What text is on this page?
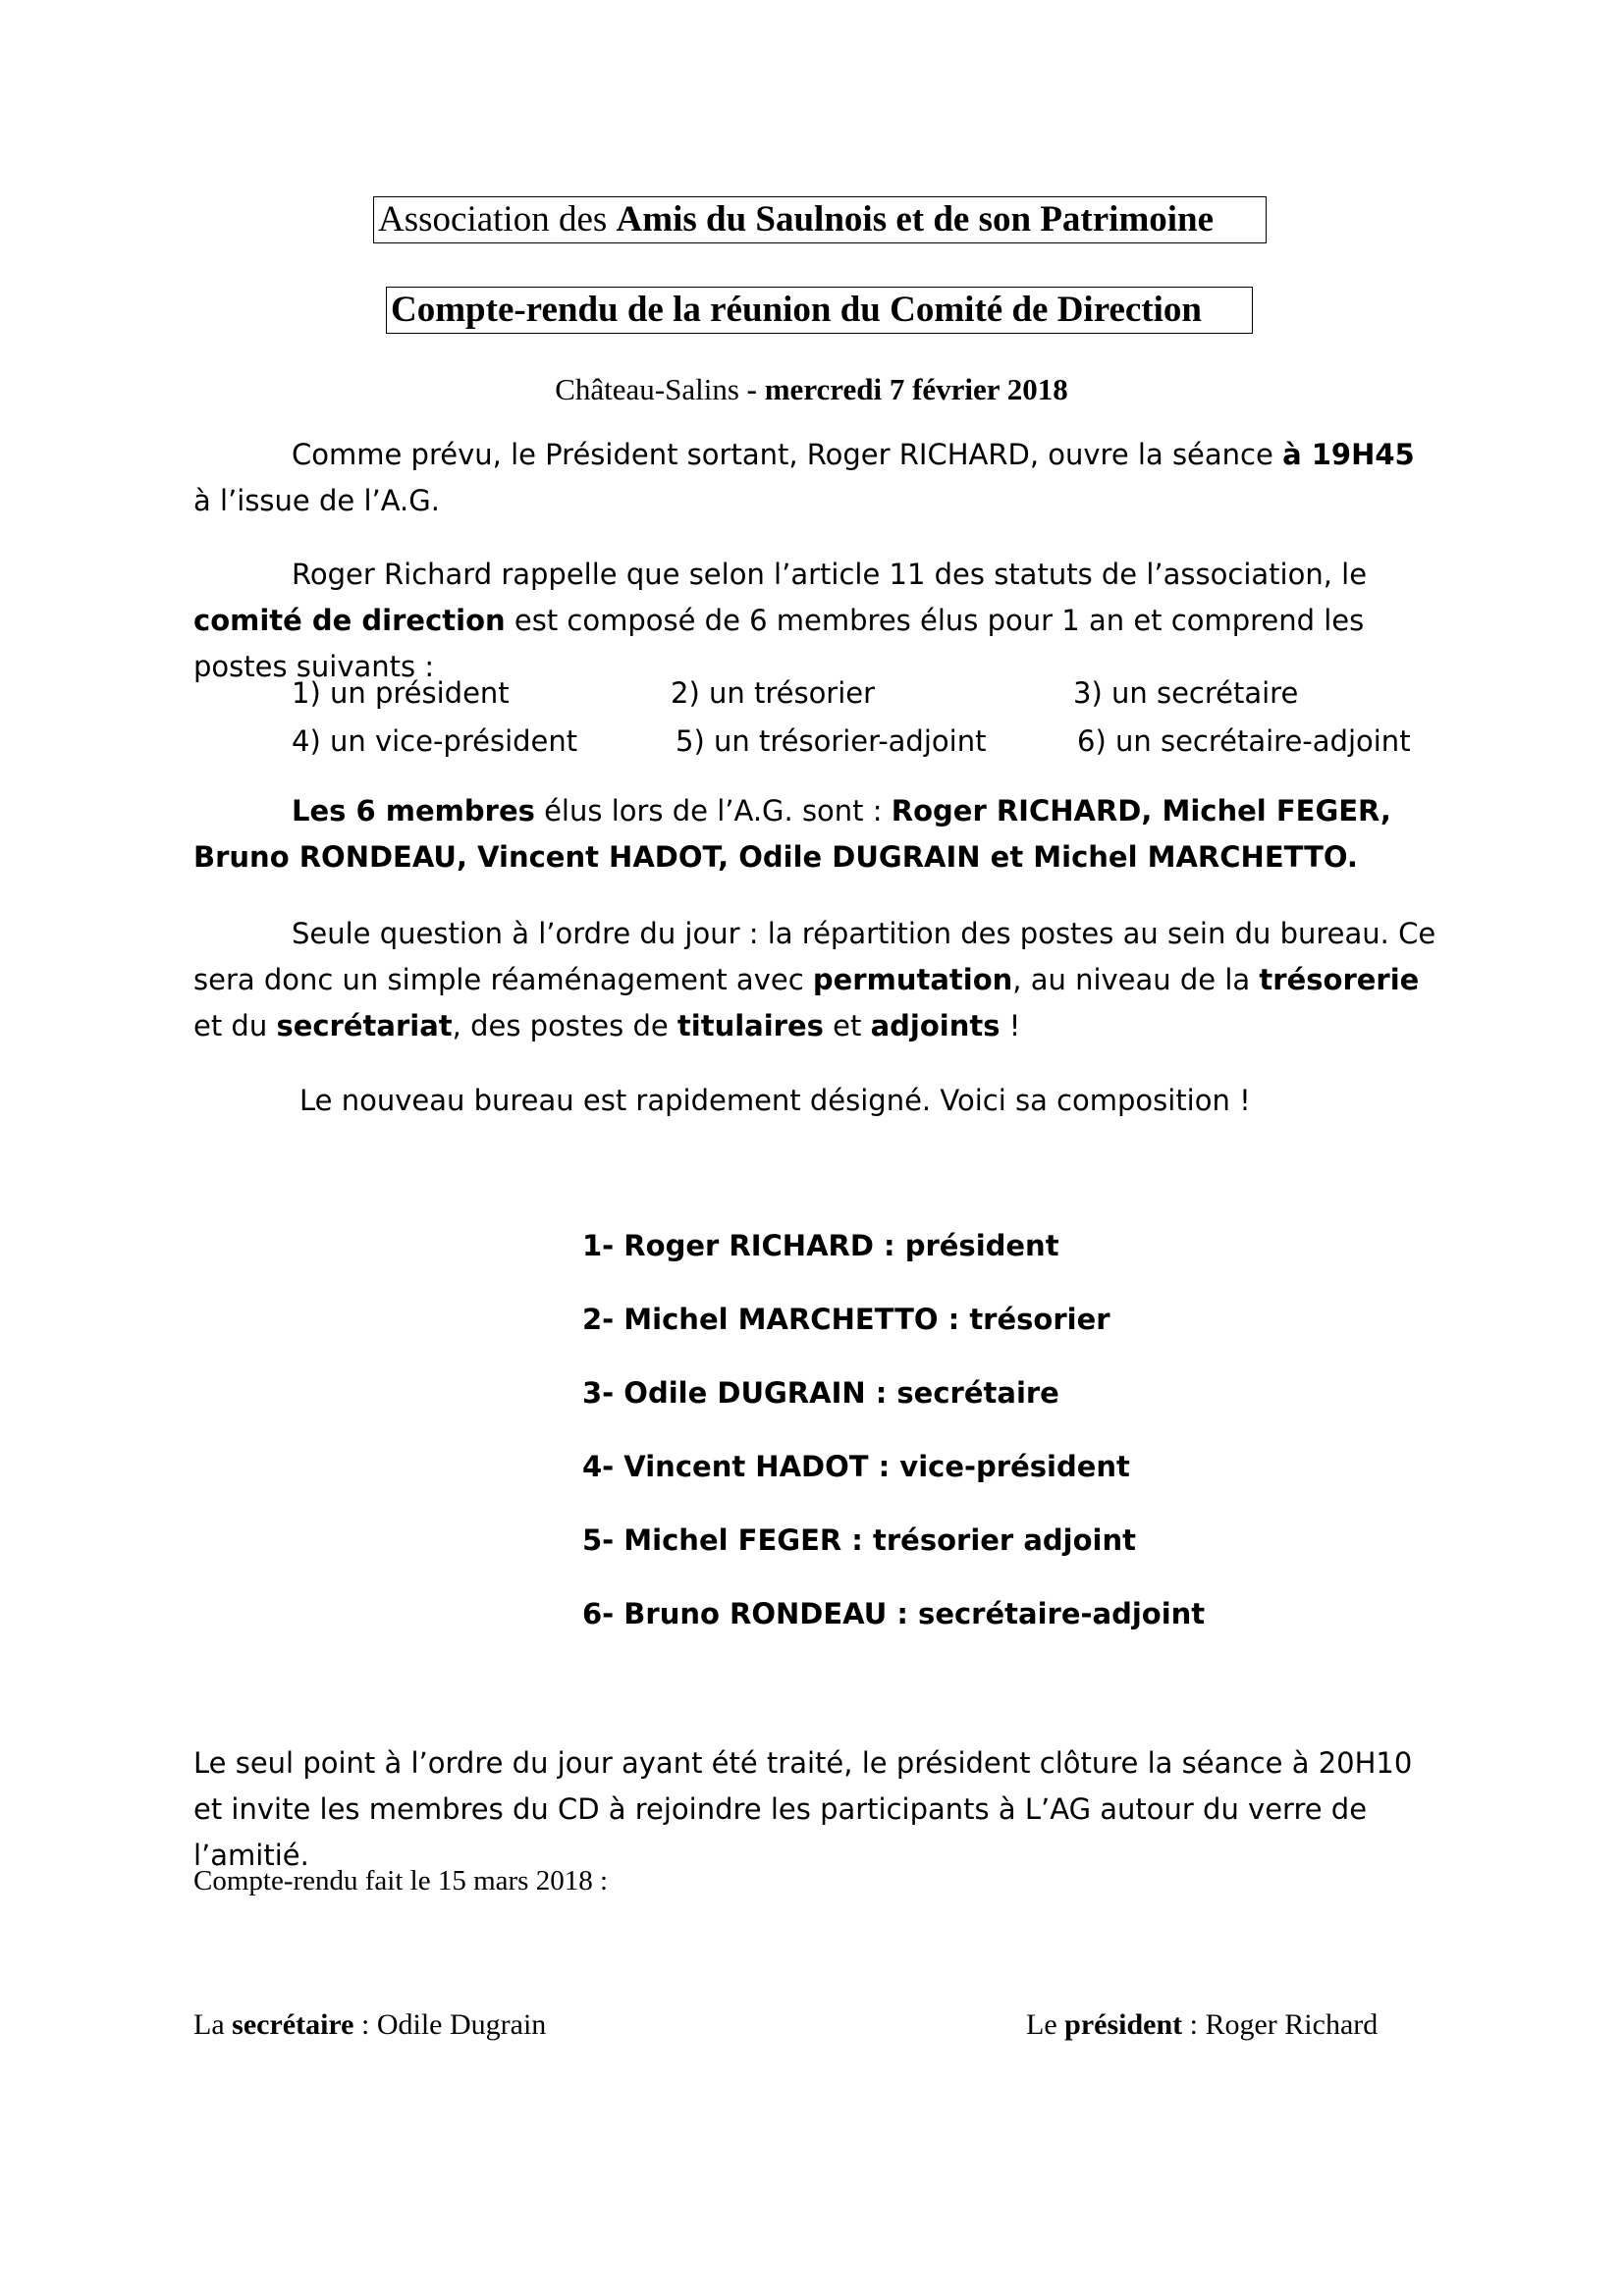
Association des Amis du Saulnois et de son Patrimoine
Compte-rendu de la réunion du Comité de Direction
Château-Salins - mercredi 7 février 2018

Comme prévu, le Président sortant, Roger RICHARD, ouvre la séance à 19H45 à l’issue de l’A.G.

Roger Richard rappelle que selon l’article 11 des statuts de l’association, le comité de direction est composé de 6 membres élus pour 1 an et comprend les postes suivants :

1) un président	2) un trésorier	3) un secrétaire
4) un vice-président	5) un trésorier-adjoint	6) un secrétaire-adjoint

Les 6 membres élus lors de l’A.G. sont : Roger RICHARD, Michel FEGER, Bruno RONDEAU, Vincent HADOT, Odile DUGRAIN et Michel MARCHETTO.

Seule question à l’ordre du jour : la répartition des postes au sein du bureau. Ce sera donc un simple réaménagement avec permutation, au niveau de la trésorerie et du secrétariat, des postes de titulaires et adjoints !

Le nouveau bureau est rapidement désigné. Voici sa composition !

1- Roger RICHARD : président
2- Michel MARCHETTO : trésorier
3- Odile DUGRAIN : secrétaire
4- Vincent HADOT : vice-président
5- Michel FEGER : trésorier adjoint
6- Bruno RONDEAU : secrétaire-adjoint

Le seul point à l’ordre du jour ayant été traité, le président clôture la séance à 20H10 et invite les membres du CD à rejoindre les participants à L’AG autour du verre de l’amitié.

Compte-rendu fait le 15 mars 2018 :
La secrétaire : Odile Dugrain	Le président : Roger Richard
